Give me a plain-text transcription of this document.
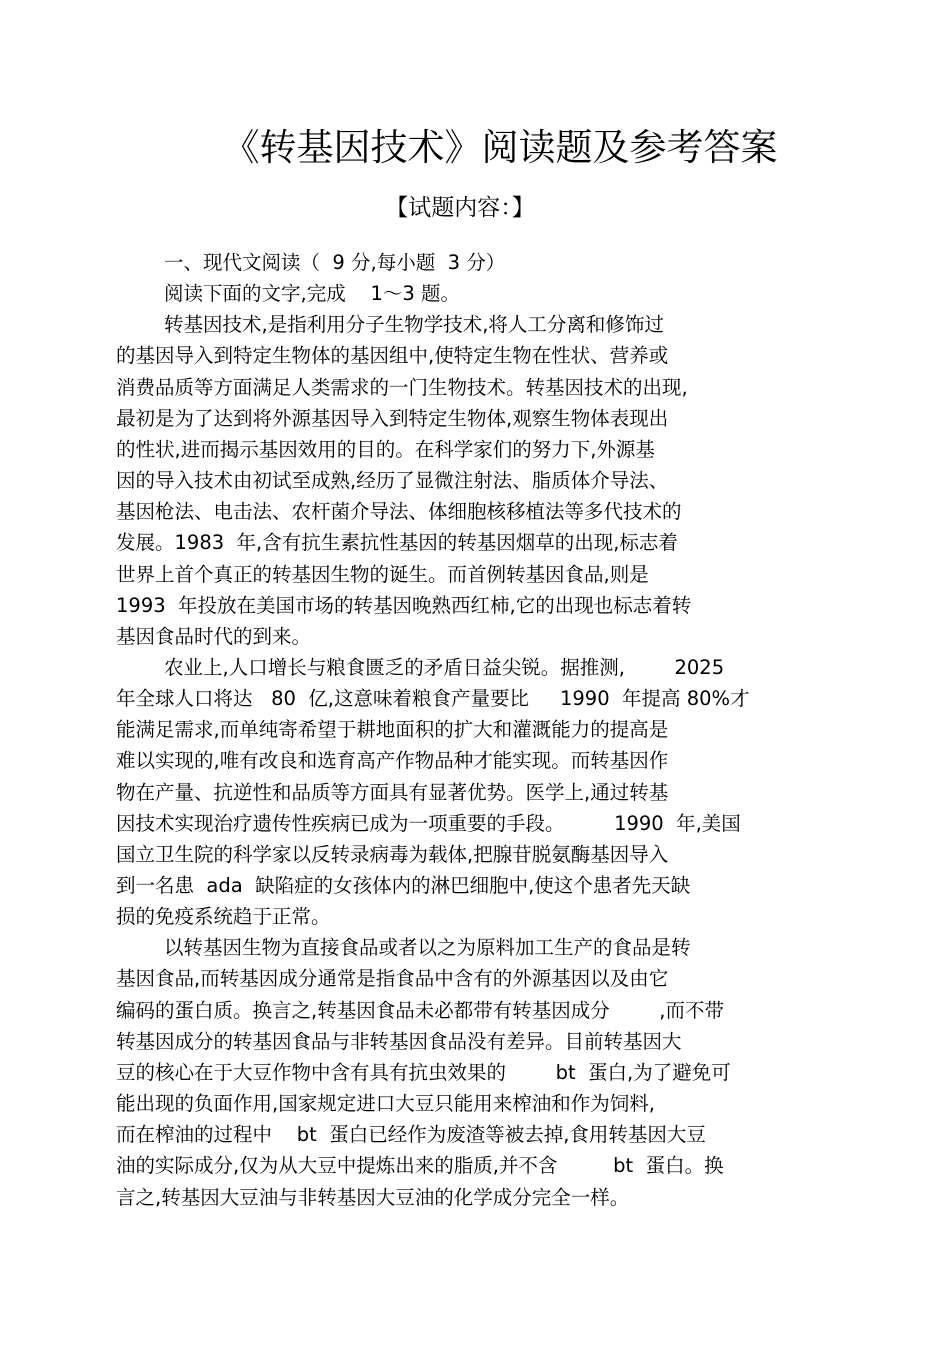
《转基因技术》阅读题及参考答案
【试题内容：】
一、现代文阅读（  9 分,每小题  3 分）
阅读下面的文字,完成    1～3 题。
转基因技术,是指利用分子生物学技术,将人工分离和修饰过
的基因导入到特定生物体的基因组中,使特定生物在性状、营养或
消费品质等方面满足人类需求的一门生物技术。转基因技术的出现,
最初是为了达到将外源基因导入到特定生物体,观察生物体表现出
的性状,进而揭示基因效用的目的。在科学家们的努力下,外源基
因的导入技术由初试至成熟,经历了显微注射法、脂质体介导法、
基因枪法、电击法、农杆菌介导法、体细胞核移植法等多代技术的
发展。1983  年,含有抗生素抗性基因的转基因烟草的出现,标志着
世界上首个真正的转基因生物的诞生。而首例转基因食品,则是
1993  年投放在美国市场的转基因晚熟西红柿,它的出现也标志着转
基因食品时代的到来。
农业上,人口增长与粮食匮乏的矛盾日益尖锐。据推测,        2025
年全球人口将达   80  亿,这意味着粮食产量要比     1990  年提高 80%才
能满足需求,而单纯寄希望于耕地面积的扩大和灌溉能力的提高是
难以实现的,唯有改良和选育高产作物品种才能实现。而转基因作
物在产量、抗逆性和品质等方面具有显著优势。医学上,通过转基
因技术实现治疗遗传性疾病已成为一项重要的手段。        1990  年,美国
国立卫生院的科学家以反转录病毒为载体,把腺苷脱氨酶基因导入
到一名患  ada  缺陷症的女孩体内的淋巴细胞中,使这个患者先天缺
损的免疫系统趋于正常。
以转基因生物为直接食品或者以之为原料加工生产的食品是转
基因食品,而转基因成分通常是指食品中含有的外源基因以及由它
编码的蛋白质。换言之,转基因食品未必都带有转基因成分        ,而不带
转基因成分的转基因食品与非转基因食品没有差异。目前转基因大
豆的核心在于大豆作物中含有具有抗虫效果的        bt  蛋白,为了避免可
能出现的负面作用,国家规定进口大豆只能用来榨油和作为饲料,
而在榨油的过程中    bt  蛋白已经作为废渣等被去掉,食用转基因大豆
油的实际成分,仅为从大豆中提炼出来的脂质,并不含         bt  蛋白。换
言之,转基因大豆油与非转基因大豆油的化学成分完全一样。
